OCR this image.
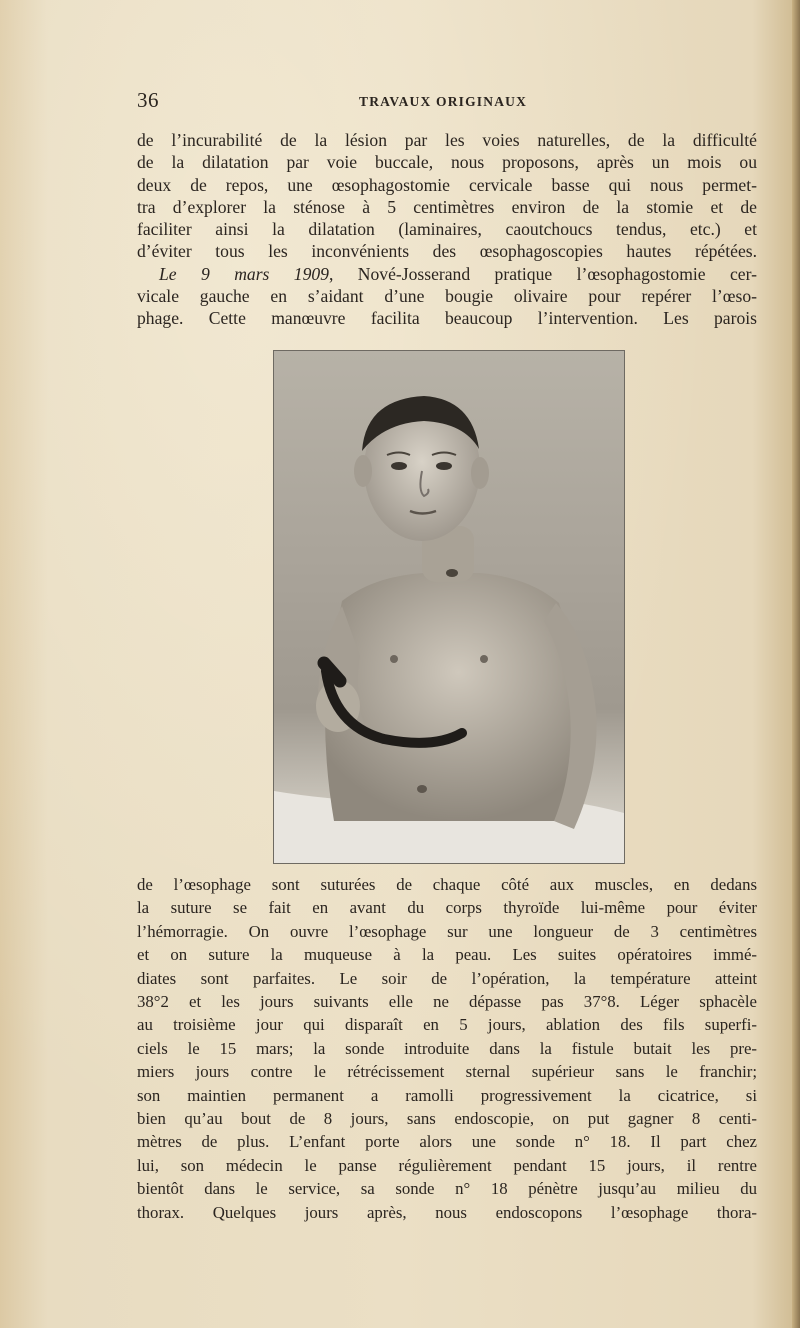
36	TRAVAUX ORIGINAUX
de l’incurabilité de la lésion par les voies naturelles, de la difficulté
de la dilatation par voie buccale, nous proposons, après un mois ou
deux de repos, une œsophagostomie cervicale basse qui nous permet-
tra d’explorer la sténose à 5 centimètres environ de la stomie et de
faciliter ainsi la dilatation (laminaires, caoutchoucs tendus, etc.) et
d’éviter tous les inconvénients des œsophagoscopies hautes répétées.
Le 9 mars 1909, Nové-Josserand pratique l’œsophagostomie cer-
vicale gauche en s’aidant d’une bougie olivaire pour repérer l’œso-
phage. Cette manœuvre facilita beaucoup l’intervention. Les parois
de l’œsophage sont suturées de chaque côté aux muscles, en dedans
la suture se fait en avant du corps thyroïde lui-même pour éviter
l’hémorragie. On ouvre l’œsophage sur une longueur de 3 centimètres
et on suture la muqueuse à la peau. Les suites opératoires immé-
diates sont parfaites. Le soir de l’opération, la température atteint
38°2 et les jours suivants elle ne dépasse pas 37°8. Léger sphacèle
au troisième jour qui disparaît en 5 jours, ablation des fils superfi-
ciels le 15 mars; la sonde introduite dans la fistule butait les pre-
miers jours contre le rétrécissement sternal supérieur sans le franchir;
son maintien permanent a ramolli progressivement la cicatrice, si
bien qu’au bout de 8 jours, sans endoscopie, on put gagner 8 centi-
mètres de plus. L’enfant porte alors une sonde n° 18. Il part chez
lui, son médecin le panse régulièrement pendant 15 jours, il rentre
bientôt dans le service, sa sonde n° 18 pénètre jusqu’au milieu du
thorax. Quelques jours après, nous endoscopons l’œsophage thora-
